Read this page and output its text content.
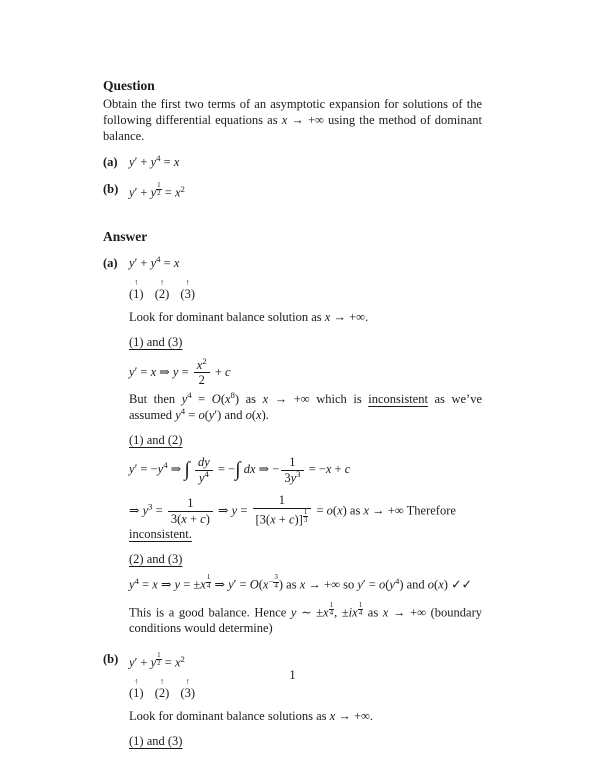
Question

Obtain the first two terms of an asymptotic expansion for solutions of the following differential equations as x → +∞ using the method of dominant balance.

(a) $y' + y^4 = x$
(b) y′ + y $^{\frac{1}{2}} = x^2$
Answer
(a) $y' + y^4 = x$
↑
(1)

↑
(2)

↑
(3)
Look for dominant balance solution as x → +∞.
(1) and (3)
y′ = x ⇒ $y = \frac{x^2}{2} + c$
But then $y^4 = O(x^8)$ as x → +∞ which is inconsistent as we’ve assumed $y^4 = o(y')$ and o(x).
(1) and (2)
$y' = -y^4$ ⇒ ∫ $\frac{dy}{y^4}$ = −∫ dx ⇒ − $\frac{1}{3y^3} = -x + c$
⇒ $y^3 = \frac{1}{3(x + c)}$ ⇒ y = 1
[3(x + c)] $^{\frac{1}{3}}$ = o(x) as x → +∞ Therefore inconsistent.
(2) and (3)
$y^4 = x$ ⇒ y = ±x $^{\frac{1}{4}}$ ⇒ $y' = O(x^{- \frac{3}{4}}$ ) as x → +∞ so $y' = o(y^4)$ and o(x) ✓✓
This is a good balance. Hence y ∼ ±x $^{\frac{1}{4}}$ , ±ix $^{\frac{1}{4}}$ as x → +∞ (boundary conditions would determine)
(b) y′ + y $^{\frac{1}{2}} = x^2$
↑
(1)

↑
(2)

↑
(3)
Look for dominant balance solutions as x → +∞.
(1) and (3)
1
